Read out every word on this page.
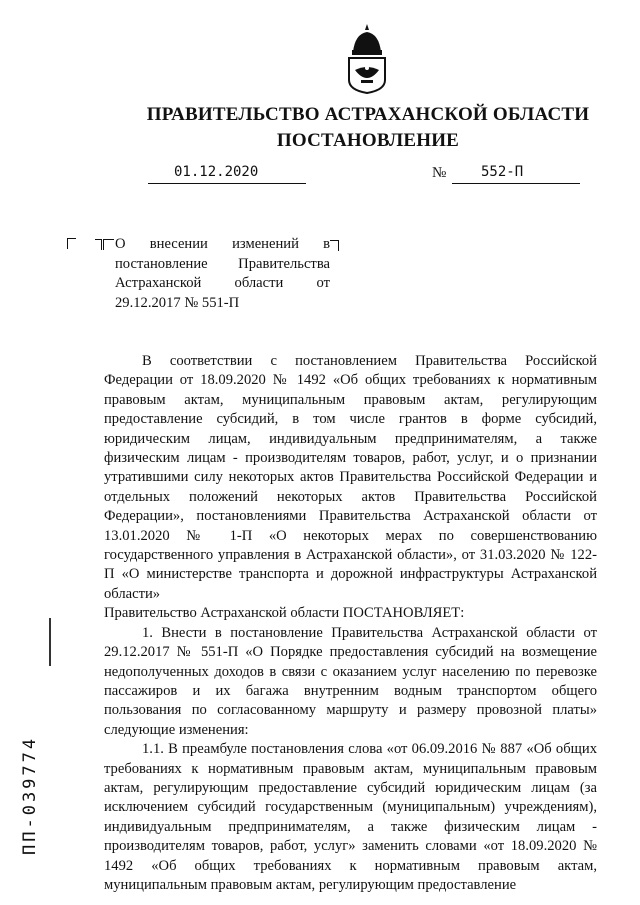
ПРАВИТЕЛЬСТВО АСТРАХАНСКОЙ ОБЛАСТИ
ПОСТАНОВЛЕНИЕ
01.12.2020	№ 552-П
О внесении изменений в постановление Правительства Астраханской области от 29.12.2017 № 551-П

В соответствии с постановлением Правительства Российской Федерации от 18.09.2020 № 1492 «Об общих требованиях к нормативным правовым актам, муниципальным правовым актам, регулирующим предоставление субсидий, в том числе грантов в форме субсидий, юридическим лицам, индивидуальным предпринимателям, а также физическим лицам - производителям товаров, работ, услуг, и о признании утратившими силу некоторых актов Правительства Российской Федерации и отдельных положений некоторых актов Правительства Российской Федерации», постановлениями Правительства Астраханской области от 13.01.2020 № 1-П «О некоторых мерах по совершенствованию государственного управления в Астраханской области», от 31.03.2020 № 122-П «О министерстве транспорта и дорожной инфраструктуры Астраханской области»

Правительство Астраханской области ПОСТАНОВЛЯЕТ:

1. Внести в постановление Правительства Астраханской области от 29.12.2017 № 551-П «О Порядке предоставления субсидий на возмещение недополученных доходов в связи с оказанием услуг населению по перевозке пассажиров и их багажа внутренним водным транспортом общего пользования по согласованному маршруту и размеру провозной платы» следующие изменения:

1.1. В преамбуле постановления слова «от 06.09.2016 № 887 «Об общих требованиях к нормативным правовым актам, муниципальным правовым актам, регулирующим предоставление субсидий юридическим лицам (за исключением субсидий государственным (муниципальным) учреждениям), индивидуальным предпринимателям, а также физическим лицам - производителям товаров, работ, услуг» заменить словами «от 18.09.2020 № 1492 «Об общих требованиях к нормативным правовым актам, муниципальным правовым актам, регулирующим предоставление

ПП-039774
